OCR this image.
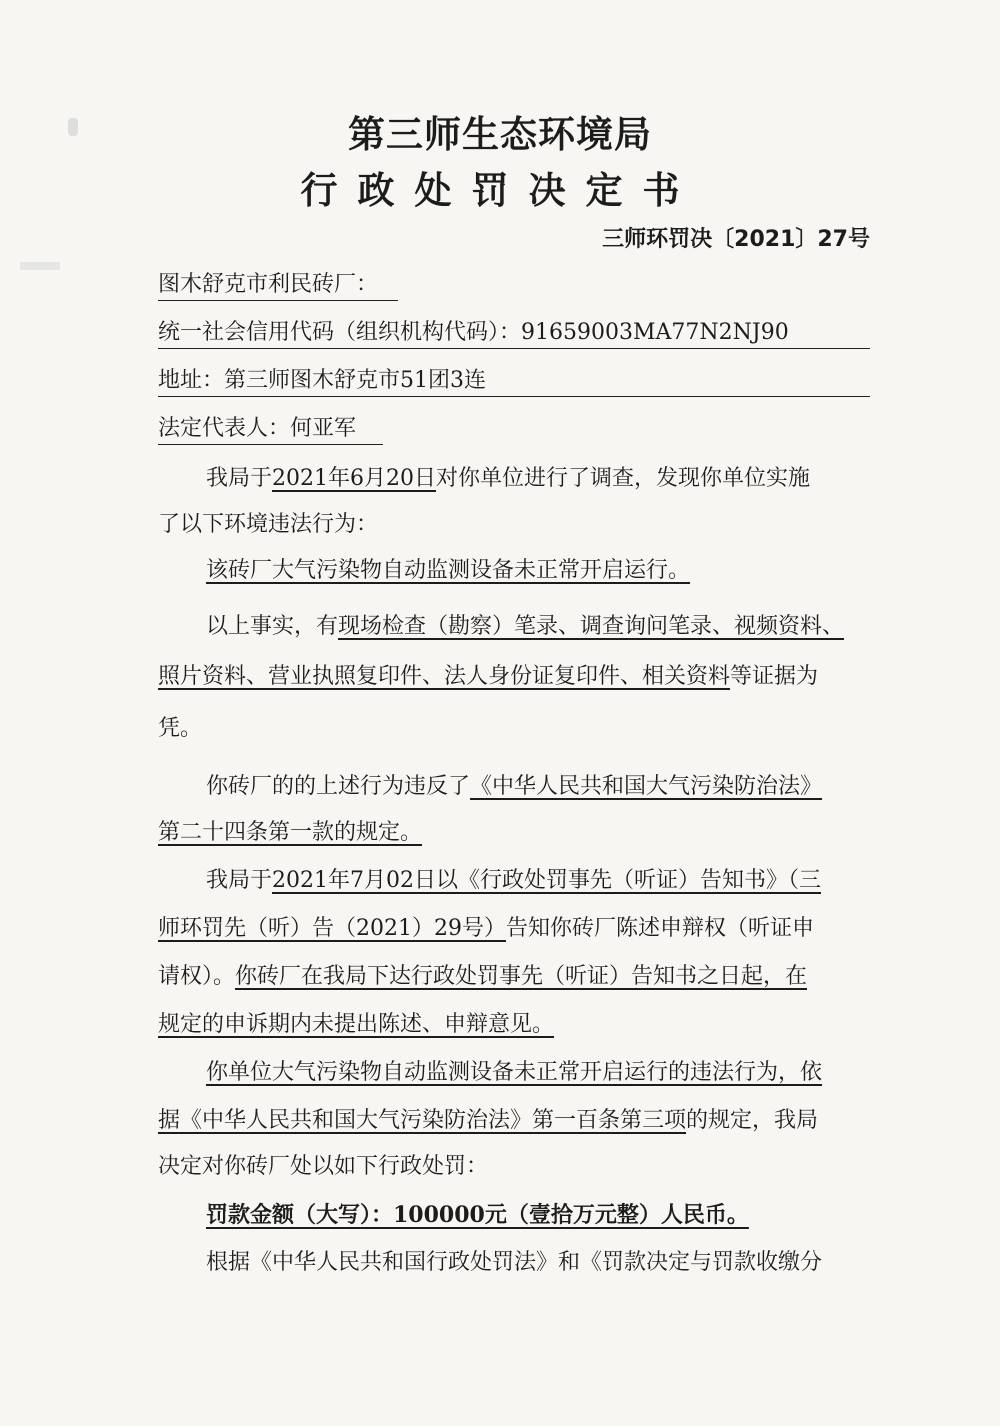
第三师生态环境局
行政处罚决定书
三师环罚决〔2021〕27号
图木舒克市利民砖厂：
统一社会信用代码（组织机构代码）：91659003MA77N2NJ90
地址：第三师图木舒克市51团3连
法定代表人：何亚军
我局于2021年6月20日对你单位进行了调查，发现你单位实施
了以下环境违法行为：
该砖厂大气污染物自动监测设备未正常开启运行。
以上事实，有现场检查（勘察）笔录、调查询问笔录、视频资料、
照片资料、营业执照复印件、法人身份证复印件、相关资料等证据为
凭。
你砖厂的的上述行为违反了《中华人民共和国大气污染防治法》
第二十四条第一款的规定。
我局于2021年7月02日以《行政处罚事先（听证）告知书》（三
师环罚先（听）告（2021）29号）告知你砖厂陈述申辩权（听证申
请权）。你砖厂在我局下达行政处罚事先（听证）告知书之日起，在
规定的申诉期内未提出陈述、申辩意见。
你单位大气污染物自动监测设备未正常开启运行的违法行为，依
据《中华人民共和国大气污染防治法》第一百条第三项的规定，我局
决定对你砖厂处以如下行政处罚：
罚款金额（大写）：100000元（壹拾万元整）人民币。
根据《中华人民共和国行政处罚法》和《罚款决定与罚款收缴分
